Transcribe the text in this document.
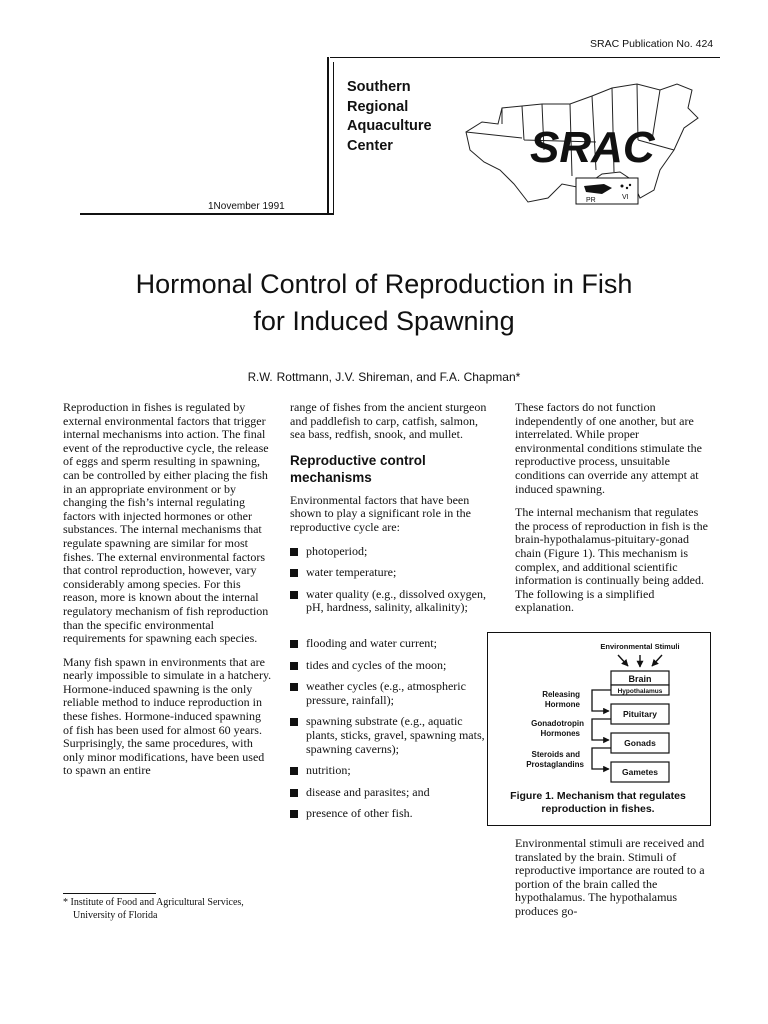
SRAC Publication No. 424
Southern
Regional
Aquaculture
Center	SRAC
PR	VI
1November 1991
Hormonal Control of Reproduction in Fish
for Induced Spawning
R.W. Rottmann, J.V. Shireman, and F.A. Chapman*

Reproduction in fishes is regulated by external environmental factors that trigger internal mechanisms into action. The final event of the reproductive cycle, the release of eggs and sperm resulting in spawning, can be controlled by either placing the fish in an appropriate environment or by changing the fish’s internal regulating factors with injected hormones or other substances. The internal mechanisms that regulate spawning are similar for most fishes. The external environmental factors that control reproduction, however, vary considerably among species. For this reason, more is known about the internal regulatory mechanism of fish reproduction than the specific environmental requirements for spawning each species.

Many fish spawn in environments that are nearly impossible to simulate in a hatchery. Hormone-induced spawning is the only reliable method to induce reproduction in these fishes. Hormone-induced spawning of fish has been used for almost 60 years. Surprisingly, the same procedures, with only minor modifications, have been used to spawn an entire

range of fishes from the ancient sturgeon and paddlefish to carp, catfish, salmon, sea bass, redfish, snook, and mullet.

Reproductive control mechanisms

Environmental factors that have been shown to play a significant role in the reproductive cycle are:

photoperiod;
water temperature;
water quality (e.g., dissolved oxygen, pH, hardness, salinity, alkalinity);
flooding and water current;
tides and cycles of the moon;
weather cycles (e.g., atmospheric pressure, rainfall);
spawning substrate (e.g., aquatic plants, sticks, gravel, spawning mats, spawning caverns);
nutrition;
disease and parasites; and
presence of other fish.

These factors do not function independently of one another, but are interrelated. While proper environmental conditions stimulate the reproductive process, unsuitable conditions can override any attempt at induced spawning.

The internal mechanism that regulates the process of reproduction in fish is the brain-hypothalamus-pituitary-gonad chain (Figure 1). This mechanism is complex, and additional scientific information is continually being added. The following is a simplified explanation.

Environmental Stimuli
Brain
Hypothalamus
Pituitary
Gonads
Gametes
Releasing
Hormone
Gonadotropin
Hormones
Steroids and
Prostaglandins
Figure 1. Mechanism that regulates
reproduction in fishes.

Environmental stimuli are received and translated by the brain. Stimuli of reproductive importance are routed to a portion of the brain called the hypothalamus. The hypothalamus produces go-

* Institute of Food and Agricultural Services,
University of Florida
